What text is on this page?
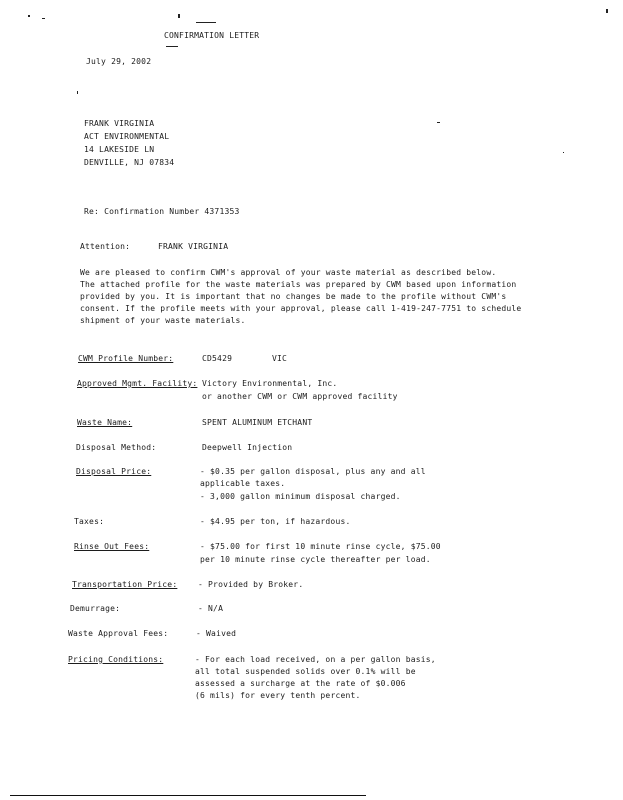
CONFIRMATION LETTER
July 29, 2002
FRANK VIRGINIA
ACT ENVIRONMENTAL
14 LAKESIDE LN
DENVILLE, NJ 07834
Re: Confirmation Number 4371353
Attention:	FRANK VIRGINIA
We are pleased to confirm CWM's approval of your waste material as described below.
The attached profile for the waste materials was prepared by CWM based upon information
provided by you. It is important that no changes be made to the profile without CWM's
consent. If the profile meets with your approval, please call 1-419-247-7751 to schedule
shipment of your waste materials.
CWM Profile Number:	CD5429	VIC
Approved Mgmt. Facility: Victory Environmental, Inc.
or another CWM or CWM approved facility
Waste Name:	SPENT ALUMINUM ETCHANT
Disposal Method:	Deepwell Injection
Disposal Price:	- $0.35 per gallon disposal, plus any and all
applicable taxes.
- 3,000 gallon minimum disposal charged.
Taxes:	- $4.95 per ton, if hazardous.
Rinse Out Fees:	- $75.00 for first 10 minute rinse cycle, $75.00
per 10 minute rinse cycle thereafter per load.
Transportation Price:	- Provided by Broker.
Demurrage:	- N/A
Waste Approval Fees:	- Waived
Pricing Conditions:	- For each load received, on a per gallon basis,
all total suspended solids over 0.1% will be
assessed a surcharge at the rate of $0.006
(6 mils) for every tenth percent.
